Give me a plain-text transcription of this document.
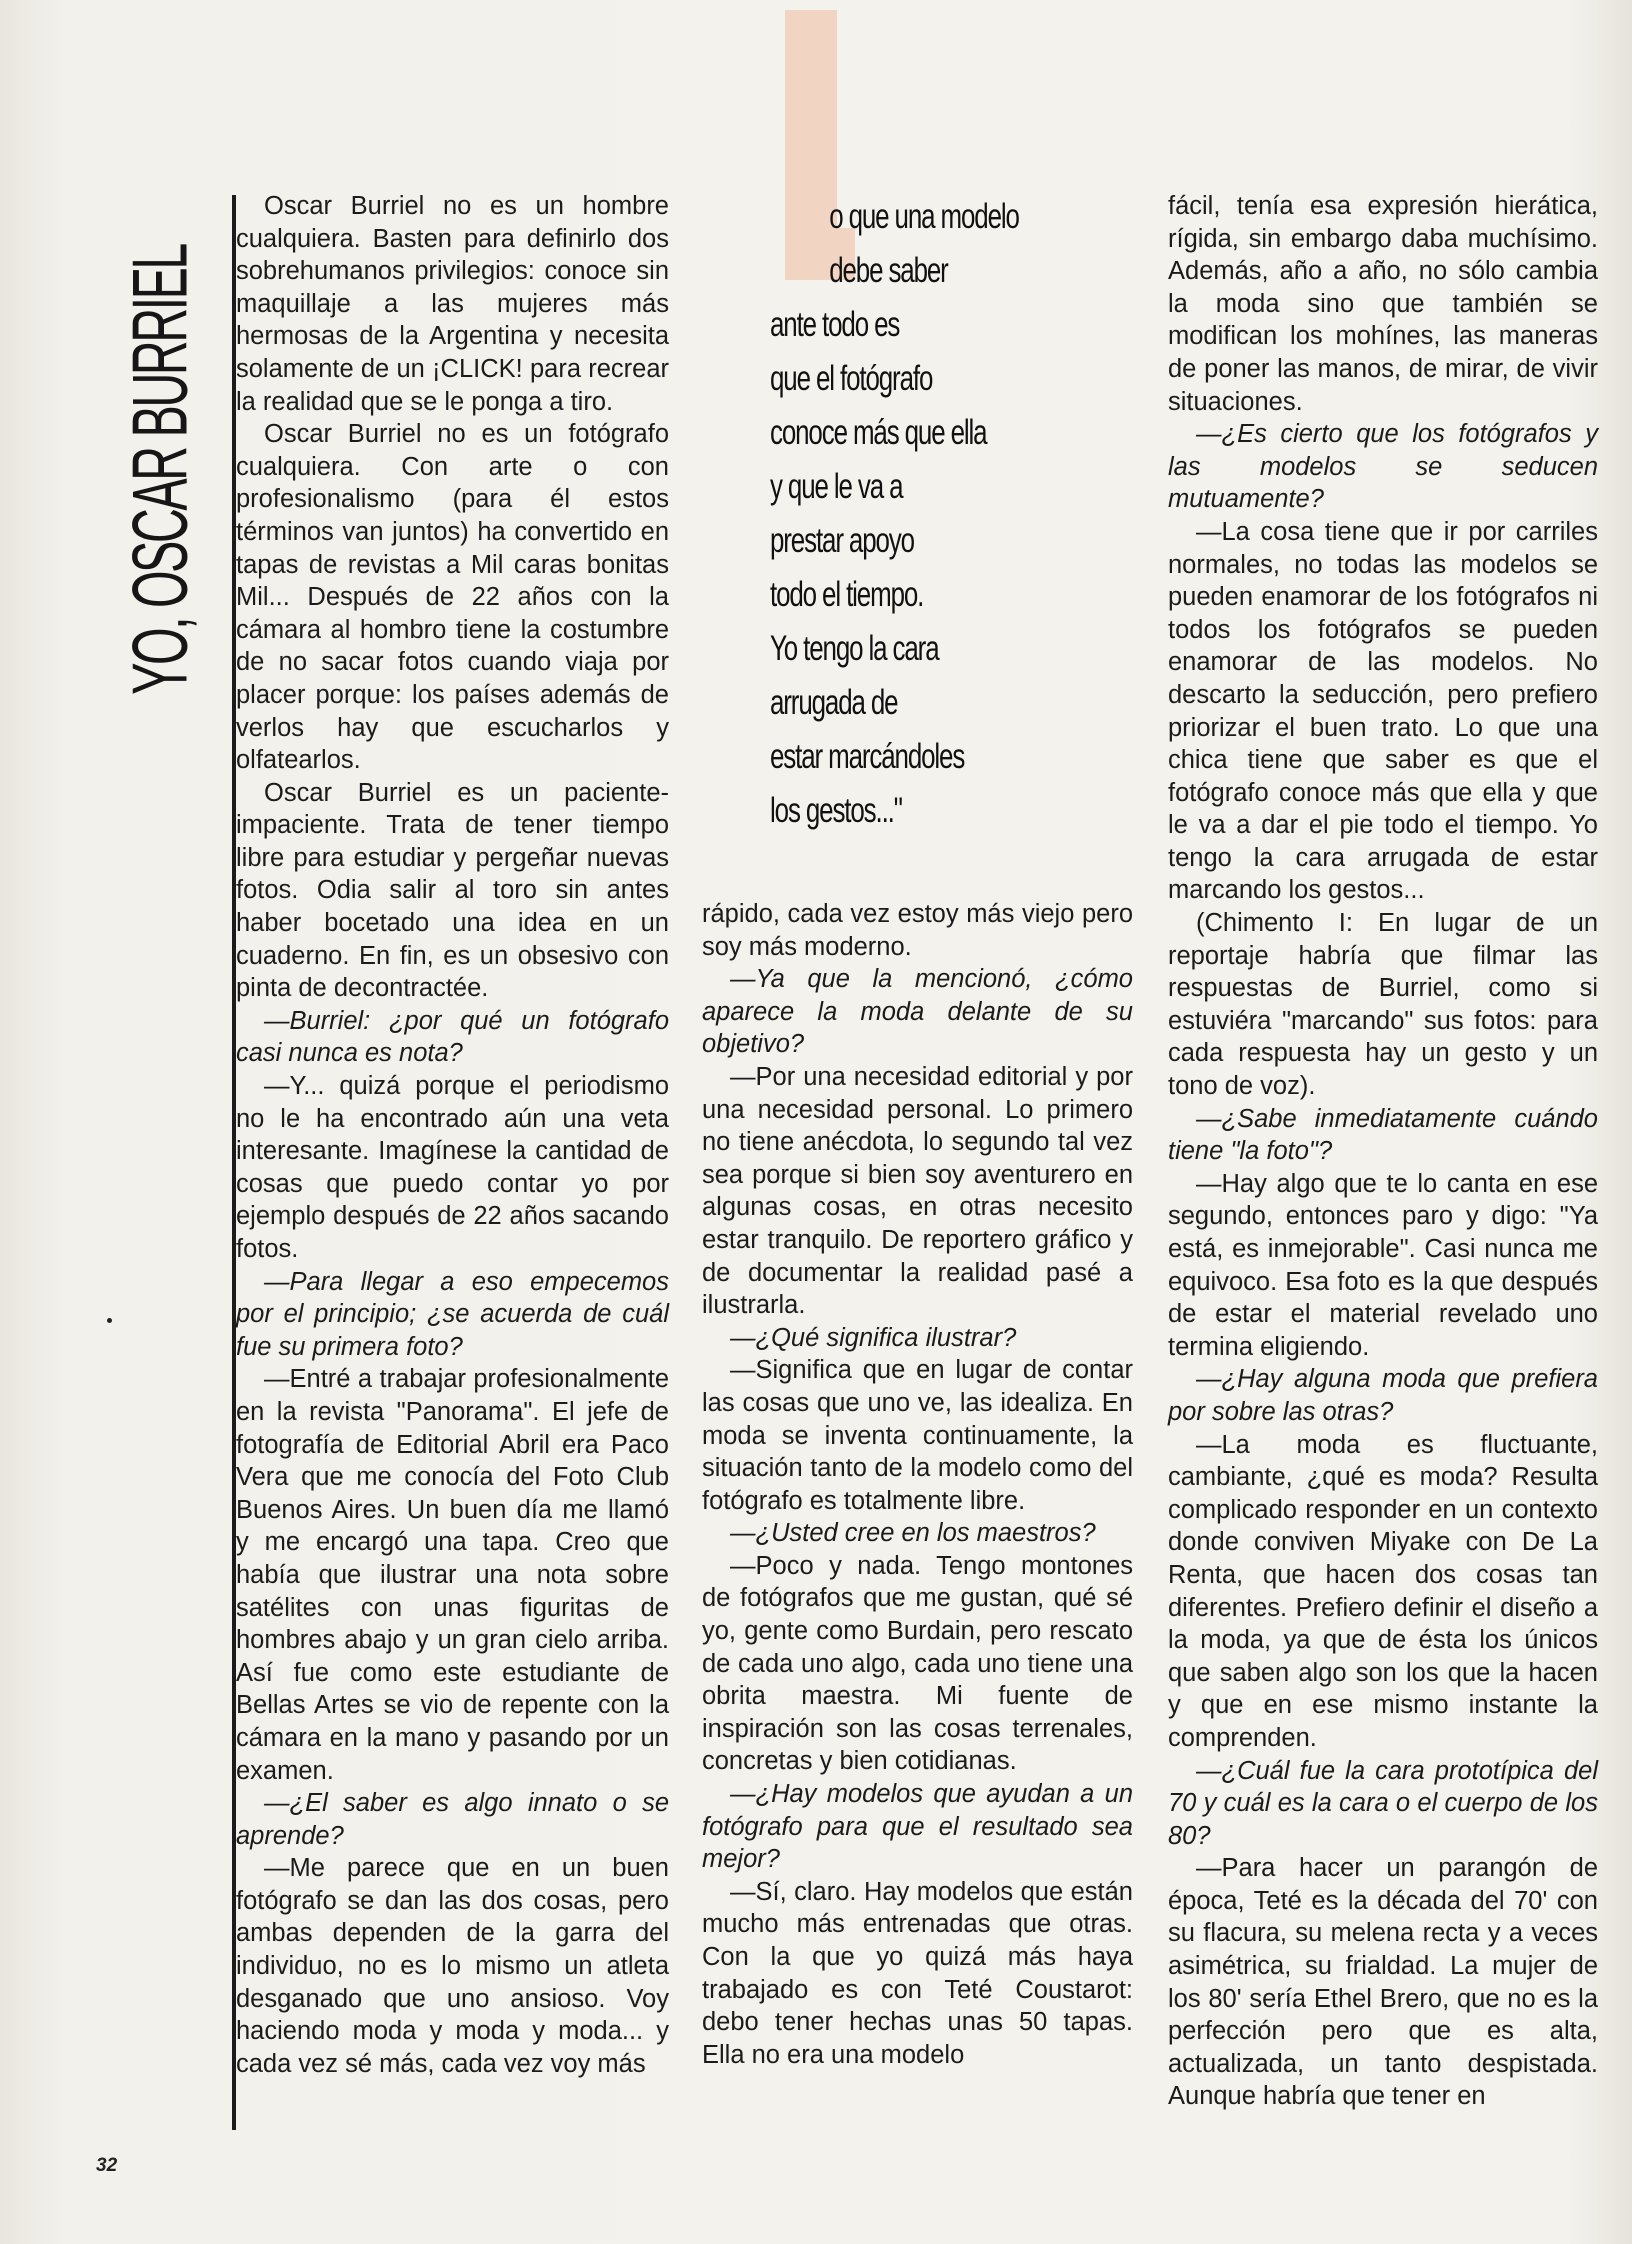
YO, OSCAR BURRIEL
o que una modelo
debe saber
ante todo es
que el fotógrafo
conoce más que ella
y que le va a
prestar apoyo
todo el tiempo.
Yo tengo la cara
arrugada de
estar marcándoles
los gestos..."

Oscar Burriel no es un hombre cualquiera. Basten para definirlo dos sobrehumanos privilegios: conoce sin maquillaje a las mujeres más hermosas de la Argentina y necesita solamente de un ¡CLICK! para recrear la realidad que se le ponga a tiro.

Oscar Burriel no es un fotógrafo cualquiera. Con arte o con profesionalismo (para él estos términos van juntos) ha convertido en tapas de revistas a Mil caras bonitas Mil... Después de 22 años con la cámara al hombro tiene la costumbre de no sacar fotos cuando viaja por placer porque: los países además de verlos hay que escucharlos y olfatearlos.

Oscar Burriel es un paciente-impaciente. Trata de tener tiempo libre para estudiar y pergeñar nuevas fotos. Odia salir al toro sin antes haber bocetado una idea en un cuaderno. En fin, es un obsesivo con pinta de decontractée.

—Burriel: ¿por qué un fotógrafo casi nunca es nota?

—Y... quizá porque el periodismo no le ha encontrado aún una veta interesante. Imagínese la cantidad de cosas que puedo contar yo por ejemplo después de 22 años sacando fotos.

—Para llegar a eso empecemos por el principio; ¿se acuerda de cuál fue su primera foto?

—Entré a trabajar profesionalmente en la revista "Panorama". El jefe de fotografía de Editorial Abril era Paco Vera que me conocía del Foto Club Buenos Aires. Un buen día me llamó y me encargó una tapa. Creo que había que ilustrar una nota sobre satélites con unas figuritas de hombres abajo y un gran cielo arriba. Así fue como este estudiante de Bellas Artes se vio de repente con la cámara en la mano y pasando por un examen.

—¿El saber es algo innato o se aprende?

—Me parece que en un buen fotógrafo se dan las dos cosas, pero ambas dependen de la garra del individuo, no es lo mismo un atleta desganado que uno ansioso. Voy haciendo moda y moda y moda... y cada vez sé más, cada vez voy más

rápido, cada vez estoy más viejo pero soy más moderno.

—Ya que la mencionó, ¿cómo aparece la moda delante de su objetivo?

—Por una necesidad editorial y por una necesidad personal. Lo primero no tiene anécdota, lo segundo tal vez sea porque si bien soy aventurero en algunas cosas, en otras necesito estar tranquilo. De reportero gráfico y de documentar la realidad pasé a ilustrarla.

—¿Qué significa ilustrar?

—Significa que en lugar de contar las cosas que uno ve, las idealiza. En moda se inventa continuamente, la situación tanto de la modelo como del fotógrafo es totalmente libre.

—¿Usted cree en los maestros?

—Poco y nada. Tengo montones de fotógrafos que me gustan, qué sé yo, gente como Burdain, pero rescato de cada uno algo, cada uno tiene una obrita maestra. Mi fuente de inspiración son las cosas terrenales, concretas y bien cotidianas.

—¿Hay modelos que ayudan a un fotógrafo para que el resultado sea mejor?

—Sí, claro. Hay modelos que están mucho más entrenadas que otras. Con la que yo quizá más haya trabajado es con Teté Coustarot: debo tener hechas unas 50 tapas. Ella no era una modelo

fácil, tenía esa expresión hierática, rígida, sin embargo daba muchísimo. Además, año a año, no sólo cambia la moda sino que también se modifican los mohínes, las maneras de poner las manos, de mirar, de vivir situaciones.

—¿Es cierto que los fotógrafos y las modelos se seducen mutuamente?

—La cosa tiene que ir por carriles normales, no todas las modelos se pueden enamorar de los fotógrafos ni todos los fotógrafos se pueden enamorar de las modelos. No descarto la seducción, pero prefiero priorizar el buen trato. Lo que una chica tiene que saber es que el fotógrafo conoce más que ella y que le va a dar el pie todo el tiempo. Yo tengo la cara arrugada de estar marcando los gestos...

(Chimento I: En lugar de un reportaje habría que filmar las respuestas de Burriel, como si estuviéra "marcando" sus fotos: para cada respuesta hay un gesto y un tono de voz).

—¿Sabe inmediatamente cuándo tiene "la foto"?

—Hay algo que te lo canta en ese segundo, entonces paro y digo: "Ya está, es inmejorable". Casi nunca me equivoco. Esa foto es la que después de estar el material revelado uno termina eligiendo.

—¿Hay alguna moda que prefiera por sobre las otras?

—La moda es fluctuante, cambiante, ¿qué es moda? Resulta complicado responder en un contexto donde conviven Miyake con De La Renta, que hacen dos cosas tan diferentes. Prefiero definir el diseño a la moda, ya que de ésta los únicos que saben algo son los que la hacen y que en ese mismo instante la comprenden.

—¿Cuál fue la cara prototípica del 70 y cuál es la cara o el cuerpo de los 80?

—Para hacer un parangón de época, Teté es la década del 70' con su flacura, su melena recta y a veces asimétrica, su frialdad. La mujer de los 80' sería Ethel Brero, que no es la perfección pero que es alta, actualizada, un tanto despistada. Aunque habría que tener en

32
